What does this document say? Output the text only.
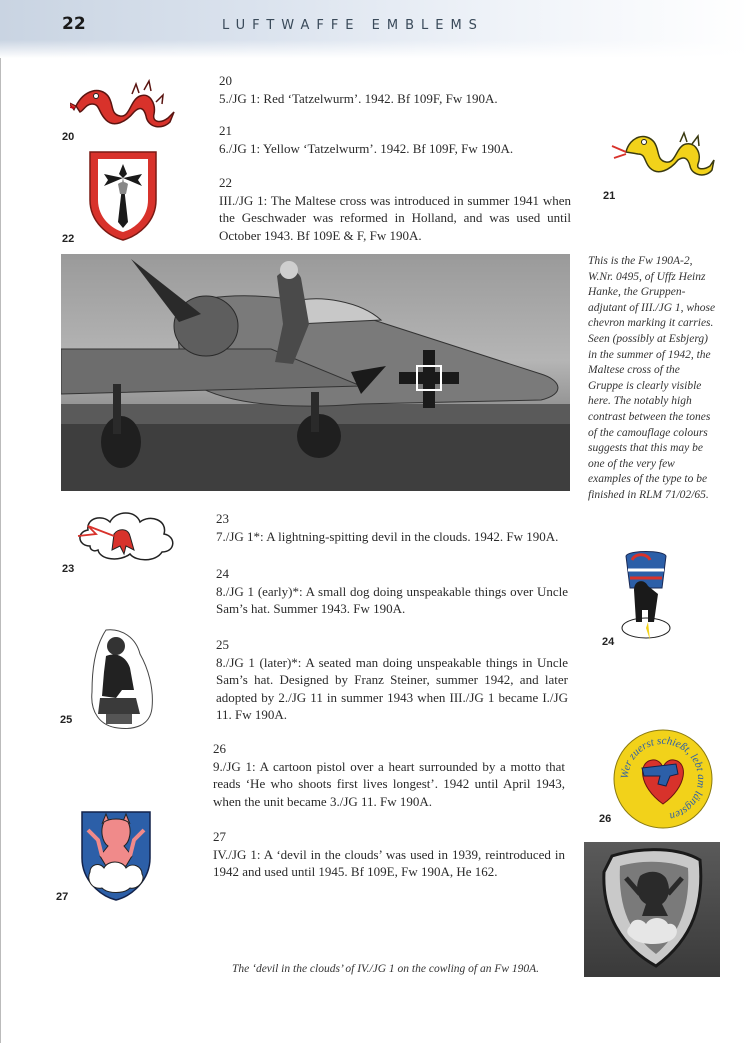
22	LUFTWAFFE EMBLEMS
20
21
22
20
5./JG 1: Red ‘Tatzelwurm’. 1942. Bf 109F, Fw 190A.
21
6./JG 1: Yellow ‘Tatzelwurm’. 1942. Bf 109F, Fw 190A.
22
III./JG 1: The Maltese cross was introduced in summer 1941 when the Geschwader was reformed in Holland, and was used until October 1943. Bf 109E & F, Fw 190A.
This is the Fw 190A-2, W.Nr. 0495, of Uffz Heinz Hanke, the Gruppen-adjutant of III./JG 1, whose chevron marking it carries. Seen (possibly at Esbjerg) in the summer of 1942, the Maltese cross of the Gruppe is clearly visible here. The notably high contrast between the tones of the camouflage colours suggests that this may be one of the very few examples of the type to be finished in RLM 71/02/65.
23
23
7./JG 1*: A lightning-spitting devil in the clouds. 1942. Fw 190A.
24
8./JG 1 (early)*: A small dog doing unspeakable things over Uncle Sam’s hat. Summer 1943. Fw 190A.
25
8./JG 1 (later)*: A seated man doing unspeakable things in Uncle Sam’s hat. Designed by Franz Steiner, summer 1942, and later adopted by 2./JG 11 in summer 1943 when III./JG 1 became I./JG 11. Fw 190A.
26
9./JG 1: A cartoon pistol over a heart surrounded by a motto that reads ‘He who shoots first lives longest’. 1942 until April 1943, when the unit became 3./JG 11. Fw 190A.
27
IV./JG 1: A ‘devil in the clouds’ was used in 1939, reintroduced in 1942 and used until 1945. Bf 109E, Fw 190A, He 162.
24
25
Wer zuerst schießt, lebt am längsten
26
27
The ‘devil in the clouds’ of IV./JG 1 on the cowling of an Fw 190A.
